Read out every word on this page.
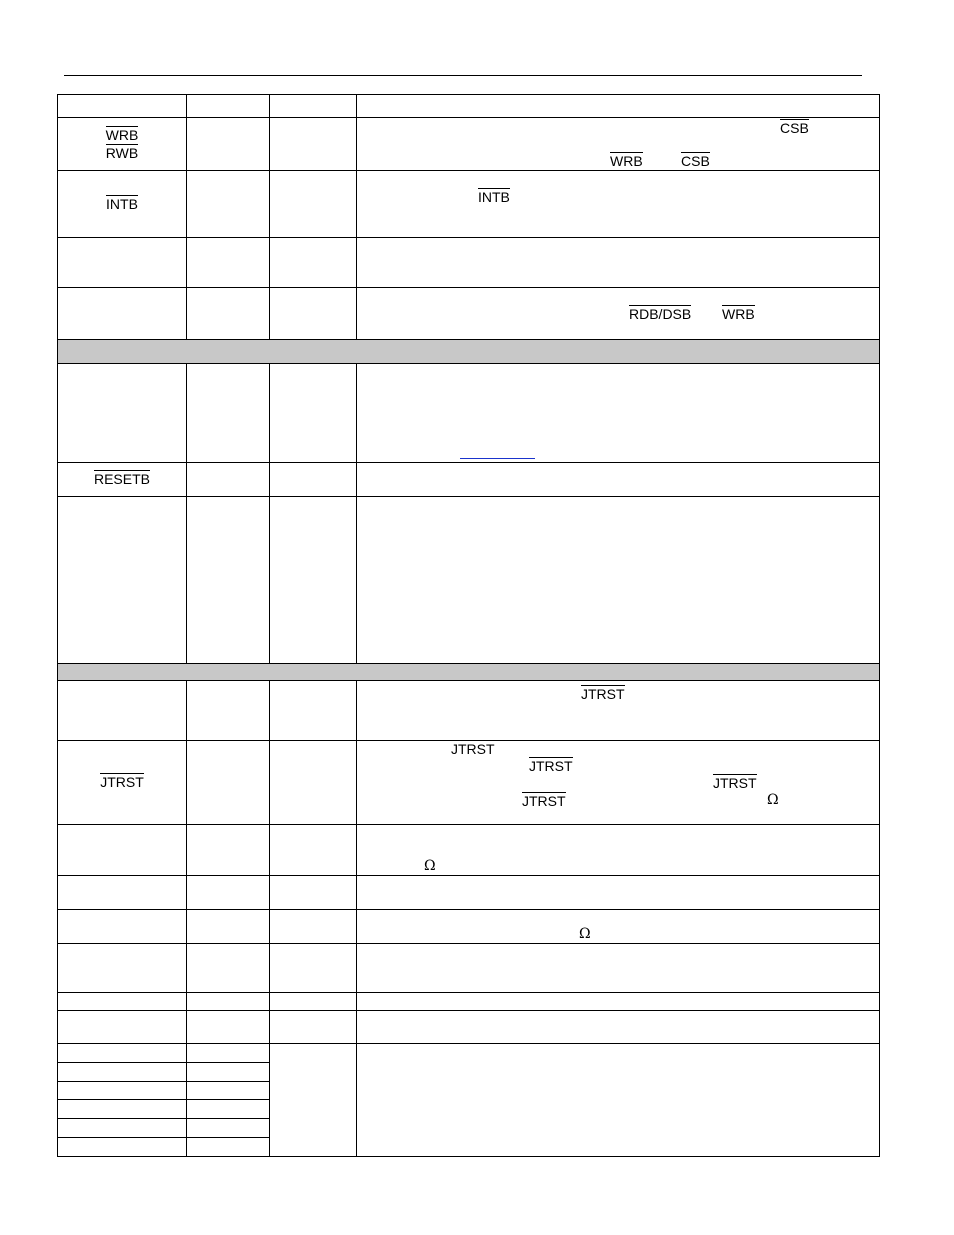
WRB
RWB
INTB
RESETB
JTRST
CSB
WRB	CSB
INTB
RDB/DSB WRB
JTRST
JTRST
JTRST
JTRST
JTRST	Ω
Ω
Ω
